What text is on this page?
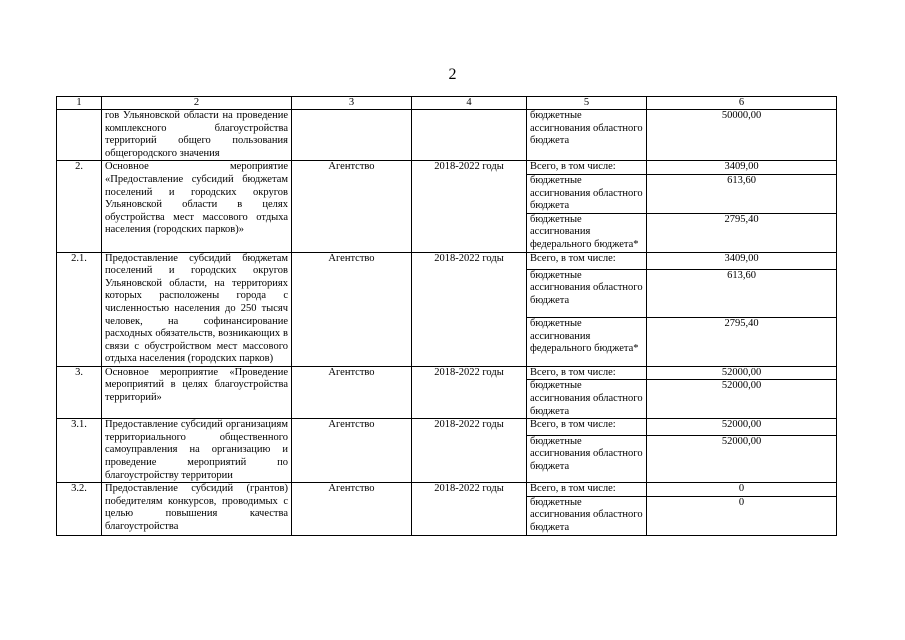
2
1	2	3	4	5	6
	гов Ульяновской области на проведение комплексного благоустройства территорий общего пользования общегородского значения			бюджетные ассигнования областного бюджета	50000,00
2.	Основное мероприятие «Предоставление субсидий бюджетам поселений и городских округов Ульяновской области в целях обустройства мест массового отдыха населения (городских парков)»	Агентство	2018-2022 годы	Всего, в том числе:	3409,00
				бюджетные ассигнования областного бюджета	613,60
				бюджетные ассигнования федерального бюджета*	2795,40
2.1.	Предоставление субсидий бюджетам поселений и городских округов Ульяновской области, на территориях которых расположены города с численностью населения до 250 тысяч человек, на софинансирование расходных обязательств, возникающих в связи с обустройством мест массового отдыха населения (городских парков)	Агентство	2018-2022 годы	Всего, в том числе:	3409,00
				бюджетные ассигнования областного бюджета	613,60
				бюджетные ассигнования федерального бюджета*	2795,40
3.	Основное мероприятие «Проведение мероприятий в целях благоустройства территорий»	Агентство	2018-2022 годы	Всего, в том числе:	52000,00
				бюджетные ассигнования областного бюджета	52000,00
3.1.	Предоставление субсидий организациям территориального общественного самоуправления на организацию и проведение мероприятий по благоустройству территории	Агентство	2018-2022 годы	Всего, в том числе:	52000,00
				бюджетные ассигнования областного бюджета	52000,00
3.2.	Предоставление субсидий (грантов) победителям конкурсов, проводимых с целью повышения качества благоустройства	Агентство	2018-2022 годы	Всего, в том числе:	0
				бюджетные ассигнования областного бюджета	0
